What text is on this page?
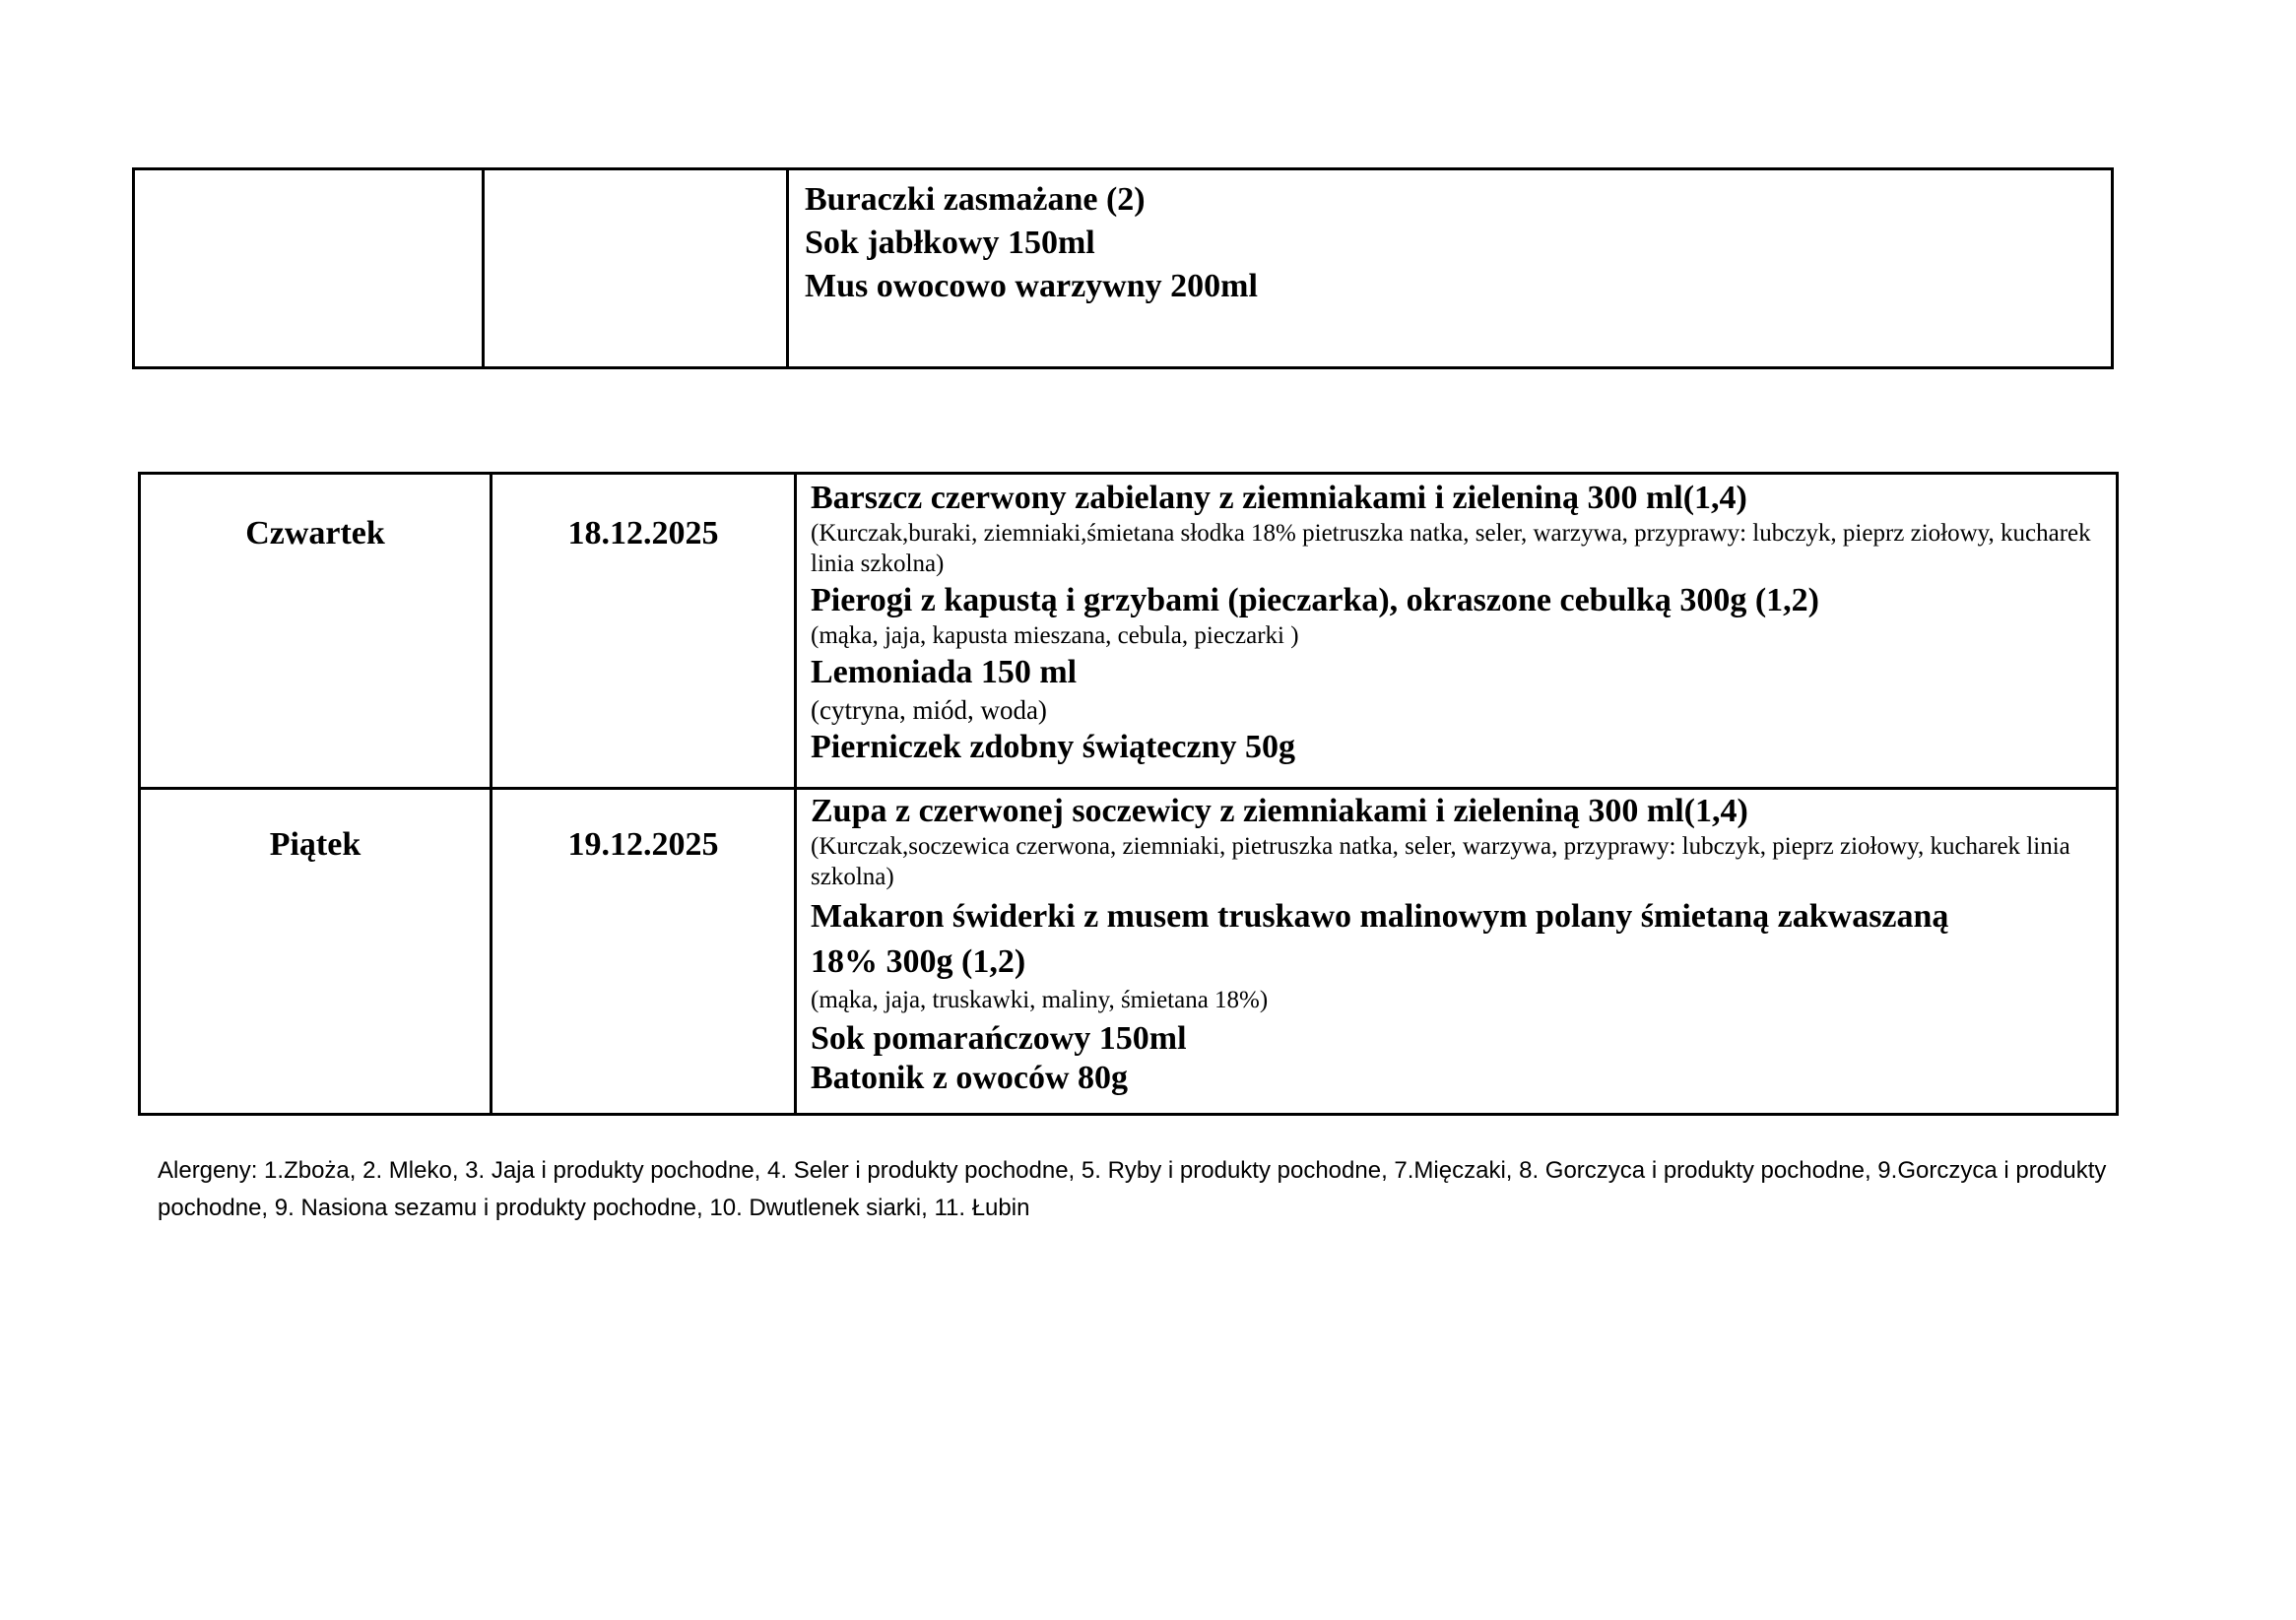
Buraczki zasmażane (2)
Sok jabłkowy 150ml
Mus owocowo warzywny 200ml
Czwartek	18.12.2025
Barszcz czerwony zabielany z ziemniakami i zieleniną 300 ml(1,4)
(Kurczak,buraki, ziemniaki,śmietana słodka 18% pietruszka natka, seler, warzywa, przyprawy: lubczyk, pieprz ziołowy, kucharek linia szkolna)
Pierogi z kapustą i grzybami (pieczarka), okraszone cebulką 300g (1,2)
(mąka, jaja, kapusta mieszana, cebula, pieczarki )
Lemoniada 150 ml
(cytryna, miód, woda)
Pierniczek zdobny świąteczny 50g
Piątek	19.12.2025
Zupa z czerwonej soczewicy z ziemniakami i zieleniną 300 ml(1,4)
(Kurczak,soczewica czerwona, ziemniaki, pietruszka natka, seler, warzywa, przyprawy: lubczyk, pieprz ziołowy, kucharek linia szkolna)
Makaron świderki z musem truskawo malinowym polany śmietaną zakwaszaną 18% 300g (1,2)
(mąka, jaja, truskawki, maliny, śmietana 18%)
Sok pomarańczowy 150ml
Batonik z owoców 80g
Alergeny: 1.Zboża, 2. Mleko, 3. Jaja i produkty pochodne, 4. Seler i produkty pochodne, 5. Ryby i produkty pochodne, 7.Mięczaki, 8. Gorczyca i produkty pochodne, 9.Gorczyca i produkty pochodne, 9. Nasiona sezamu i produkty pochodne, 10. Dwutlenek siarki, 11. Łubin
